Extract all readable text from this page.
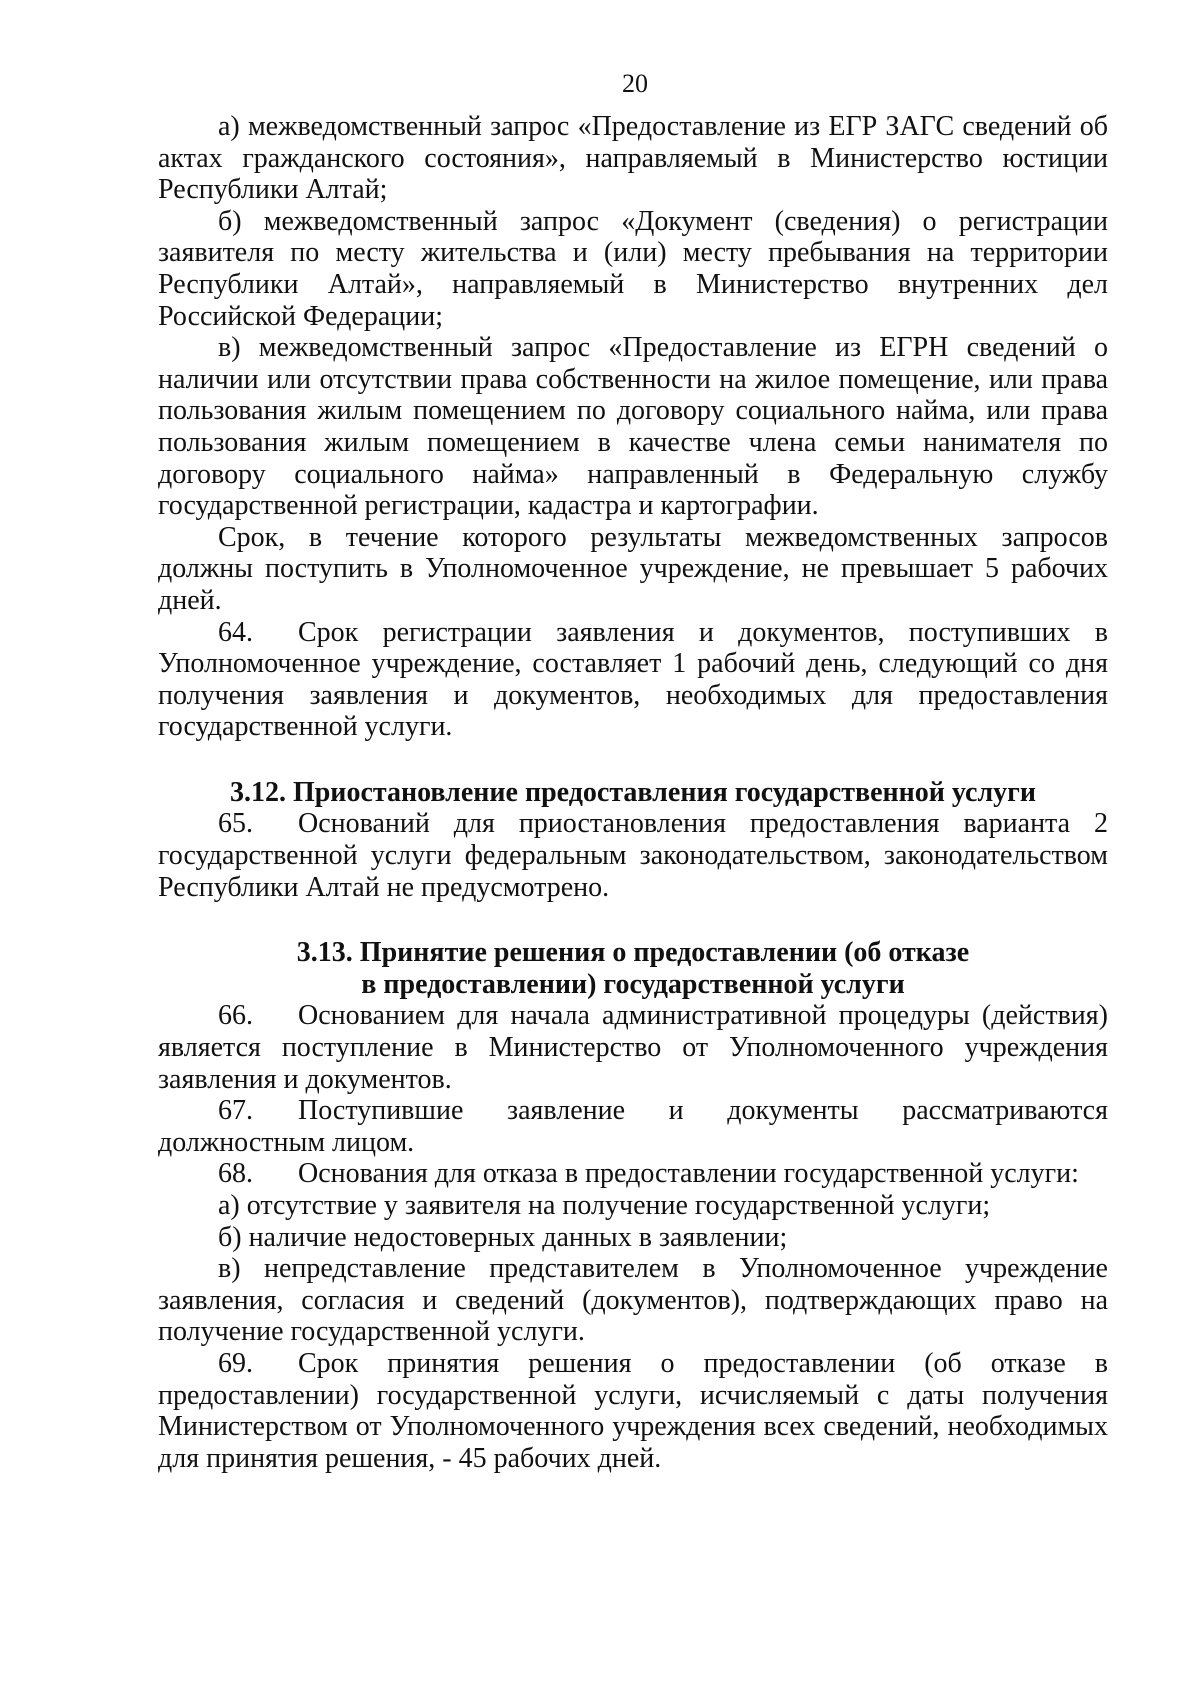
20

а) межведомственный запрос «Предоставление из ЕГР ЗАГС сведений об актах гражданского состояния», направляемый в Министерство юстиции Республики Алтай;

б) межведомственный запрос «Документ (сведения) о регистрации заявителя по месту жительства и (или) месту пребывания на территории Республики Алтай», направляемый в Министерство внутренних дел Российской Федерации;

в) межведомственный запрос «Предоставление из ЕГРН сведений о наличии или отсутствии права собственности на жилое помещение, или права пользования жилым помещением по договору социального найма, или права пользования жилым помещением в качестве члена семьи нанимателя по договору социального найма» направленный в Федеральную службу государственной регистрации, кадастра и картографии.

Срок, в течение которого результаты межведомственных запросов должны поступить в Уполномоченное учреждение, не превышает 5 рабочих дней.

64. Срок регистрации заявления и документов, поступивших в Уполномоченное учреждение, составляет 1 рабочий день, следующий со дня получения заявления и документов, необходимых для предоставления государственной услуги.

3.12. Приостановление предоставления государственной услуги

65. Оснований для приостановления предоставления варианта 2 государственной услуги федеральным законодательством, законодательством Республики Алтай не предусмотрено.

3.13. Принятие решения о предоставлении (об отказе
в предоставлении) государственной услуги

66. Основанием для начала административной процедуры (действия) является поступление в Министерство от Уполномоченного учреждения заявления и документов.

67. Поступившие заявление и документы рассматриваются должностным лицом.

68. Основания для отказа в предоставлении государственной услуги:

а) отсутствие у заявителя на получение государственной услуги;

б) наличие недостоверных данных в заявлении;

в) непредставление представителем в Уполномоченное учреждение заявления, согласия и сведений (документов), подтверждающих право на получение государственной услуги.

69. Срок принятия решения о предоставлении (об отказе в предоставлении) государственной услуги, исчисляемый с даты получения Министерством от Уполномоченного учреждения всех сведений, необходимых для принятия решения, - 45 рабочих дней.
